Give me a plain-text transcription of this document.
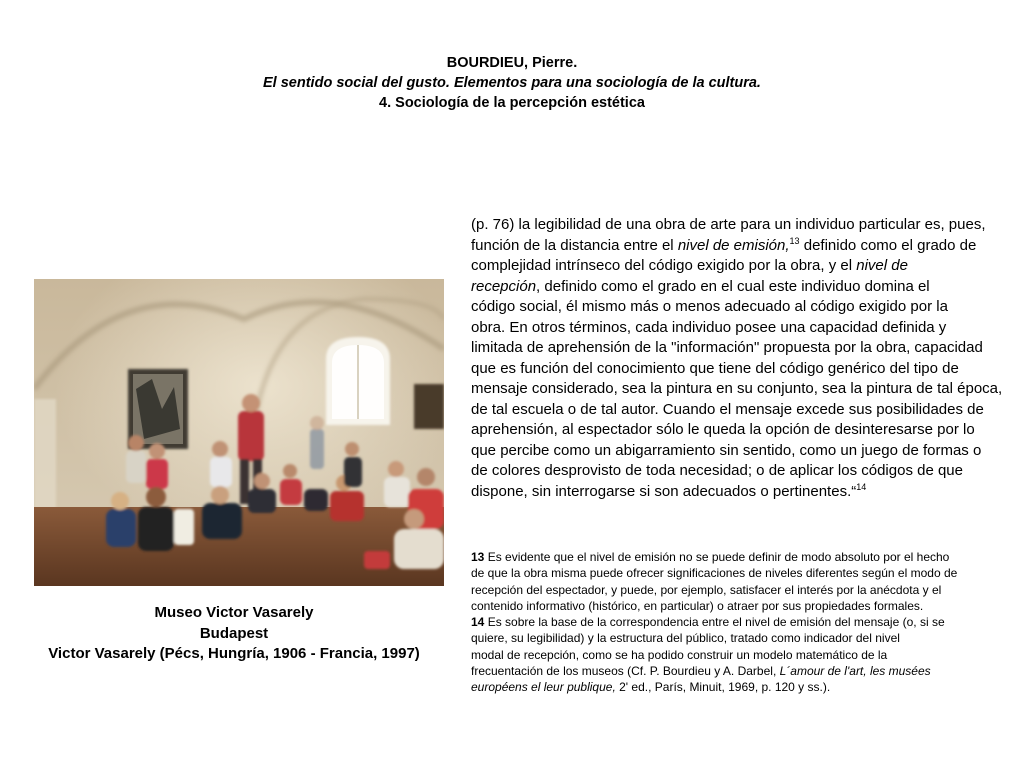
BOURDIEU, Pierre.
El sentido social del gusto. Elementos para una sociología de la cultura.
4. Sociología de la percepción estética
Museo Victor Vasarely
Budapest
Victor Vasarely (Pécs, Hungría, 1906 - Francia, 1997)
(p. 76) la legibilidad de una obra de arte para un individuo particular es, pues,
función de la distancia entre el nivel de emisión,$^{13}$ definido como el grado de
complejidad intrínseco del código exigido por la obra, y el nivel de
recepción, definido como el grado en el cual este individuo domina el
código social, él mismo más o menos adecuado al código exigido por la
obra. En otros términos, cada individuo posee una capacidad definida y
limitada de aprehensión de la "información" propuesta por la obra, capacidad
que es función del conocimiento que tiene del código genérico del tipo de
mensaje considerado, sea la pintura en su conjunto, sea la pintura de tal época,
de tal escuela o de tal autor. Cuando el mensaje excede sus posibilidades de
aprehensión, al espectador sólo le queda la opción de desinteresarse por lo
que percibe como un abigarramiento sin sentido, como un juego de formas o
de colores desprovisto de toda necesidad; o de aplicar los códigos de que
dispone, sin interrogarse si son adecuados o pertinentes.“$^{14}$
13 Es evidente que el nivel de emisión no se puede definir de modo absoluto por el hecho
de que la obra misma puede ofrecer significaciones de niveles diferentes según el modo de
recepción del espectador, y puede, por ejemplo, satisfacer el interés por la anécdota y el
contenido informativo (histórico, en particular) o atraer por sus propiedades formales.
14 Es sobre la base de la correspondencia entre el nivel de emisión del mensaje (o, si se
quiere, su legibilidad) y la estructura del público, tratado como indicador del nivel
modal de recepción, como se ha podido construir un modelo matemático de la
frecuentación de los museos (Cf. P. Bourdieu y A. Darbel, L´amour de l'art, les musées
européens el leur publique, 2' ed., París, Minuit, 1969, p. 120 y ss.).
